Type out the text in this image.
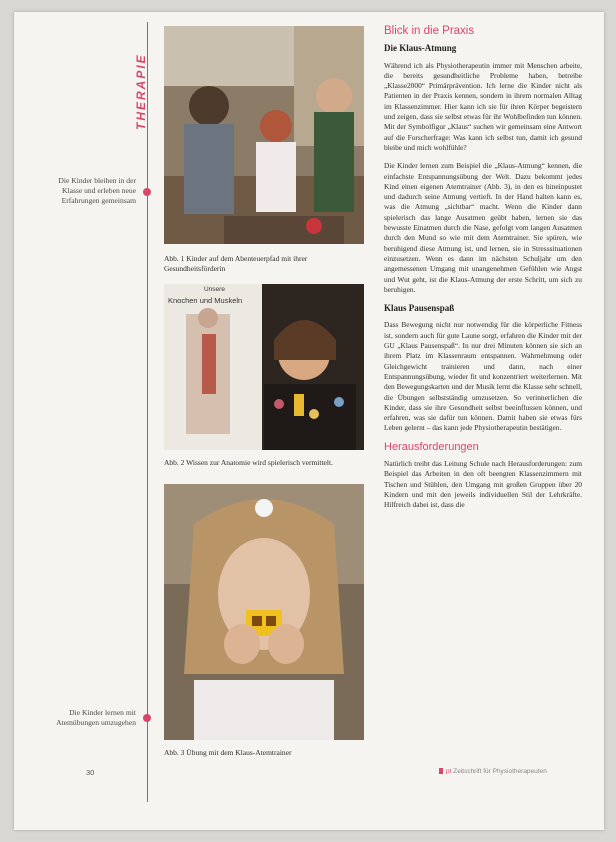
THERAPIE
Die Kinder bleiben in der Klasse und erleben neue Erfahrungen gemeinsam
Die Kinder lernen mit Atemübungen umzugehen
Abb. 1 Kinder auf dem Abenteuerpfad mit ihrer Gesundheitsförderin
Unsere
Knochen und Muskeln
Abb. 2 Wissen zur Anatomie wird spielerisch vermittelt.
Abb. 3 Übung mit dem Klaus-Atemtrainer
Blick in die Praxis
Die Klaus-Atmung

Während ich als Physiotherapeutin immer mit Menschen arbeite, die bereits gesundheitliche Probleme haben, betreibe „Klasse2000“ Primärprävention. Ich lerne die Kinder nicht als Patienten in der Praxis kennen, sondern in ihrem normalen Alltag im Klassenzimmer. Hier kann ich sie für ihren Körper begeistern und zeigen, dass sie selbst etwas für ihr Wohlbefinden tun können. Mit der Symbolfigur „Klaus“ suchen wir gemeinsam eine Antwort auf die Forscherfrage: Was kann ich selbst tun, damit ich gesund bleibe und mich wohlfühle?

Die Kinder lernen zum Beispiel die „Klaus-Atmung“ kennen, die einfachste Entspannungsübung der Welt. Dazu bekommt jedes Kind einen eigenen Atemtrainer (Abb. 3), in den es hineinpustet und dadurch seine Atmung vertieft. In der Hand halten kann es, was die Atmung „sichtbar“ macht. Wenn die Kinder dann spielerisch das lange Ausatmen geübt haben, lernen sie das bewusste Einatmen durch die Nase, gefolgt vom langen Ausatmen durch den Mund so wie mit dem Atemtrainer. Sie spüren, wie beruhigend diese Atmung ist, und lernen, sie in Stresssituationen einzusetzen. Wenn es dann im nächsten Schuljahr um den angemessenen Umgang mit unangenehmen Gefühlen wie Angst und Wut geht, ist die Klaus-Atmung der erste Schritt, um sich zu beruhigen.

Klaus Pausenspaß

Dass Bewegung nicht nur notwendig für die körperliche Fitness ist, sondern auch für gute Laune sorgt, erfahren die Kinder mit der GU „Klaus Pausenspaß“. In nur drei Minuten können sie sich an ihrem Platz im Klassenraum entspannen. Wahrnehmung oder Gleichgewicht trainieren und dann, nach einer Entspannungsübung, wieder fit und konzentriert weiterlernen. Mit den Bewegungskarten und der Musik lernt die Klasse sehr schnell, die Übungen selbstständig umzusetzen. So verinnerlichen die Kinder, dass sie ihre Gesundheit selbst beeinflussen können, und erfahren, was sie dafür tun können. Damit haben sie etwas fürs Leben gelernt – das kann jede Physiotherapeutin bestätigen.

Herausforderungen

Natürlich treibt das Leitung Schule nach Herausforderungen: zum Beispiel das Arbeiten in den oft beengten Klassenzimmern mit Tischen und Stühlen, den Umgang mit großen Gruppen über 20 Kindern und mit den jeweils individuellen Stil der Lehrkräfte. Hilfreich dabei ist, dass die

30	pt Zeitschrift für Physiotherapeuten
